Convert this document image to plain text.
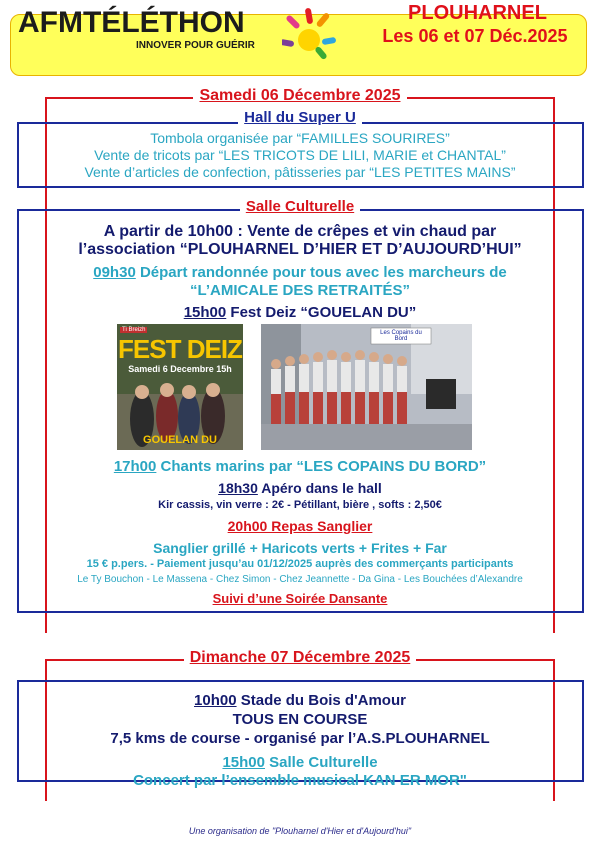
AFMTÉLÉTHON
INNOVER POUR GUÉRIR
PLOUHARNEL
Les 06 et 07 Déc.2025
Samedi 06 Décembre 2025
Hall du Super U
Tombola organisée par “FAMILLES SOURIRES”
Vente de tricots par “LES TRICOTS DE LILI, MARIE et CHANTAL”
Vente d’articles de confection, pâtisseries par “LES PETITES MAINS”
Salle Culturelle
A partir de 10h00 : Vente de crêpes et vin chaud par
l’association “PLOUHARNEL D’HIER ET D’AUJOURD’HUI”
09h30 Départ randonnée pour tous avec les marcheurs de
“L’AMICALE DES RETRAITÉS”
15h00 Fest Deiz “GOUELAN DU”
Ti Breizh
FEST DEIZ
Samedi 6 Decembre 15h
GOUELAN DU
Les Copains du Bord
17h00 Chants marins par “LES COPAINS DU BORD”
18h30 Apéro dans le hall
Kir cassis, vin verre : 2€ - Pétillant, bière , softs : 2,50€
20h00 Repas Sanglier
Sanglier grillé + Haricots verts + Frites + Far
15 € p.pers. - Paiement jusqu’au 01/12/2025 auprès des commerçants participants
Le Ty Bouchon - Le Massena - Chez Simon - Chez Jeannette - Da Gina - Les Bouchées d’Alexandre
Suivi d’une Soirée Dansante
Dimanche 07 Décembre 2025
10h00 Stade du Bois d'Amour
TOUS EN COURSE
7,5 kms de course - organisé par l’A.S.PLOUHARNEL
15h00 Salle Culturelle
Concert par l’ensemble musical KAN ER MOR"
Une organisation de "Plouharnel d'Hier et d'Aujourd'hui"
